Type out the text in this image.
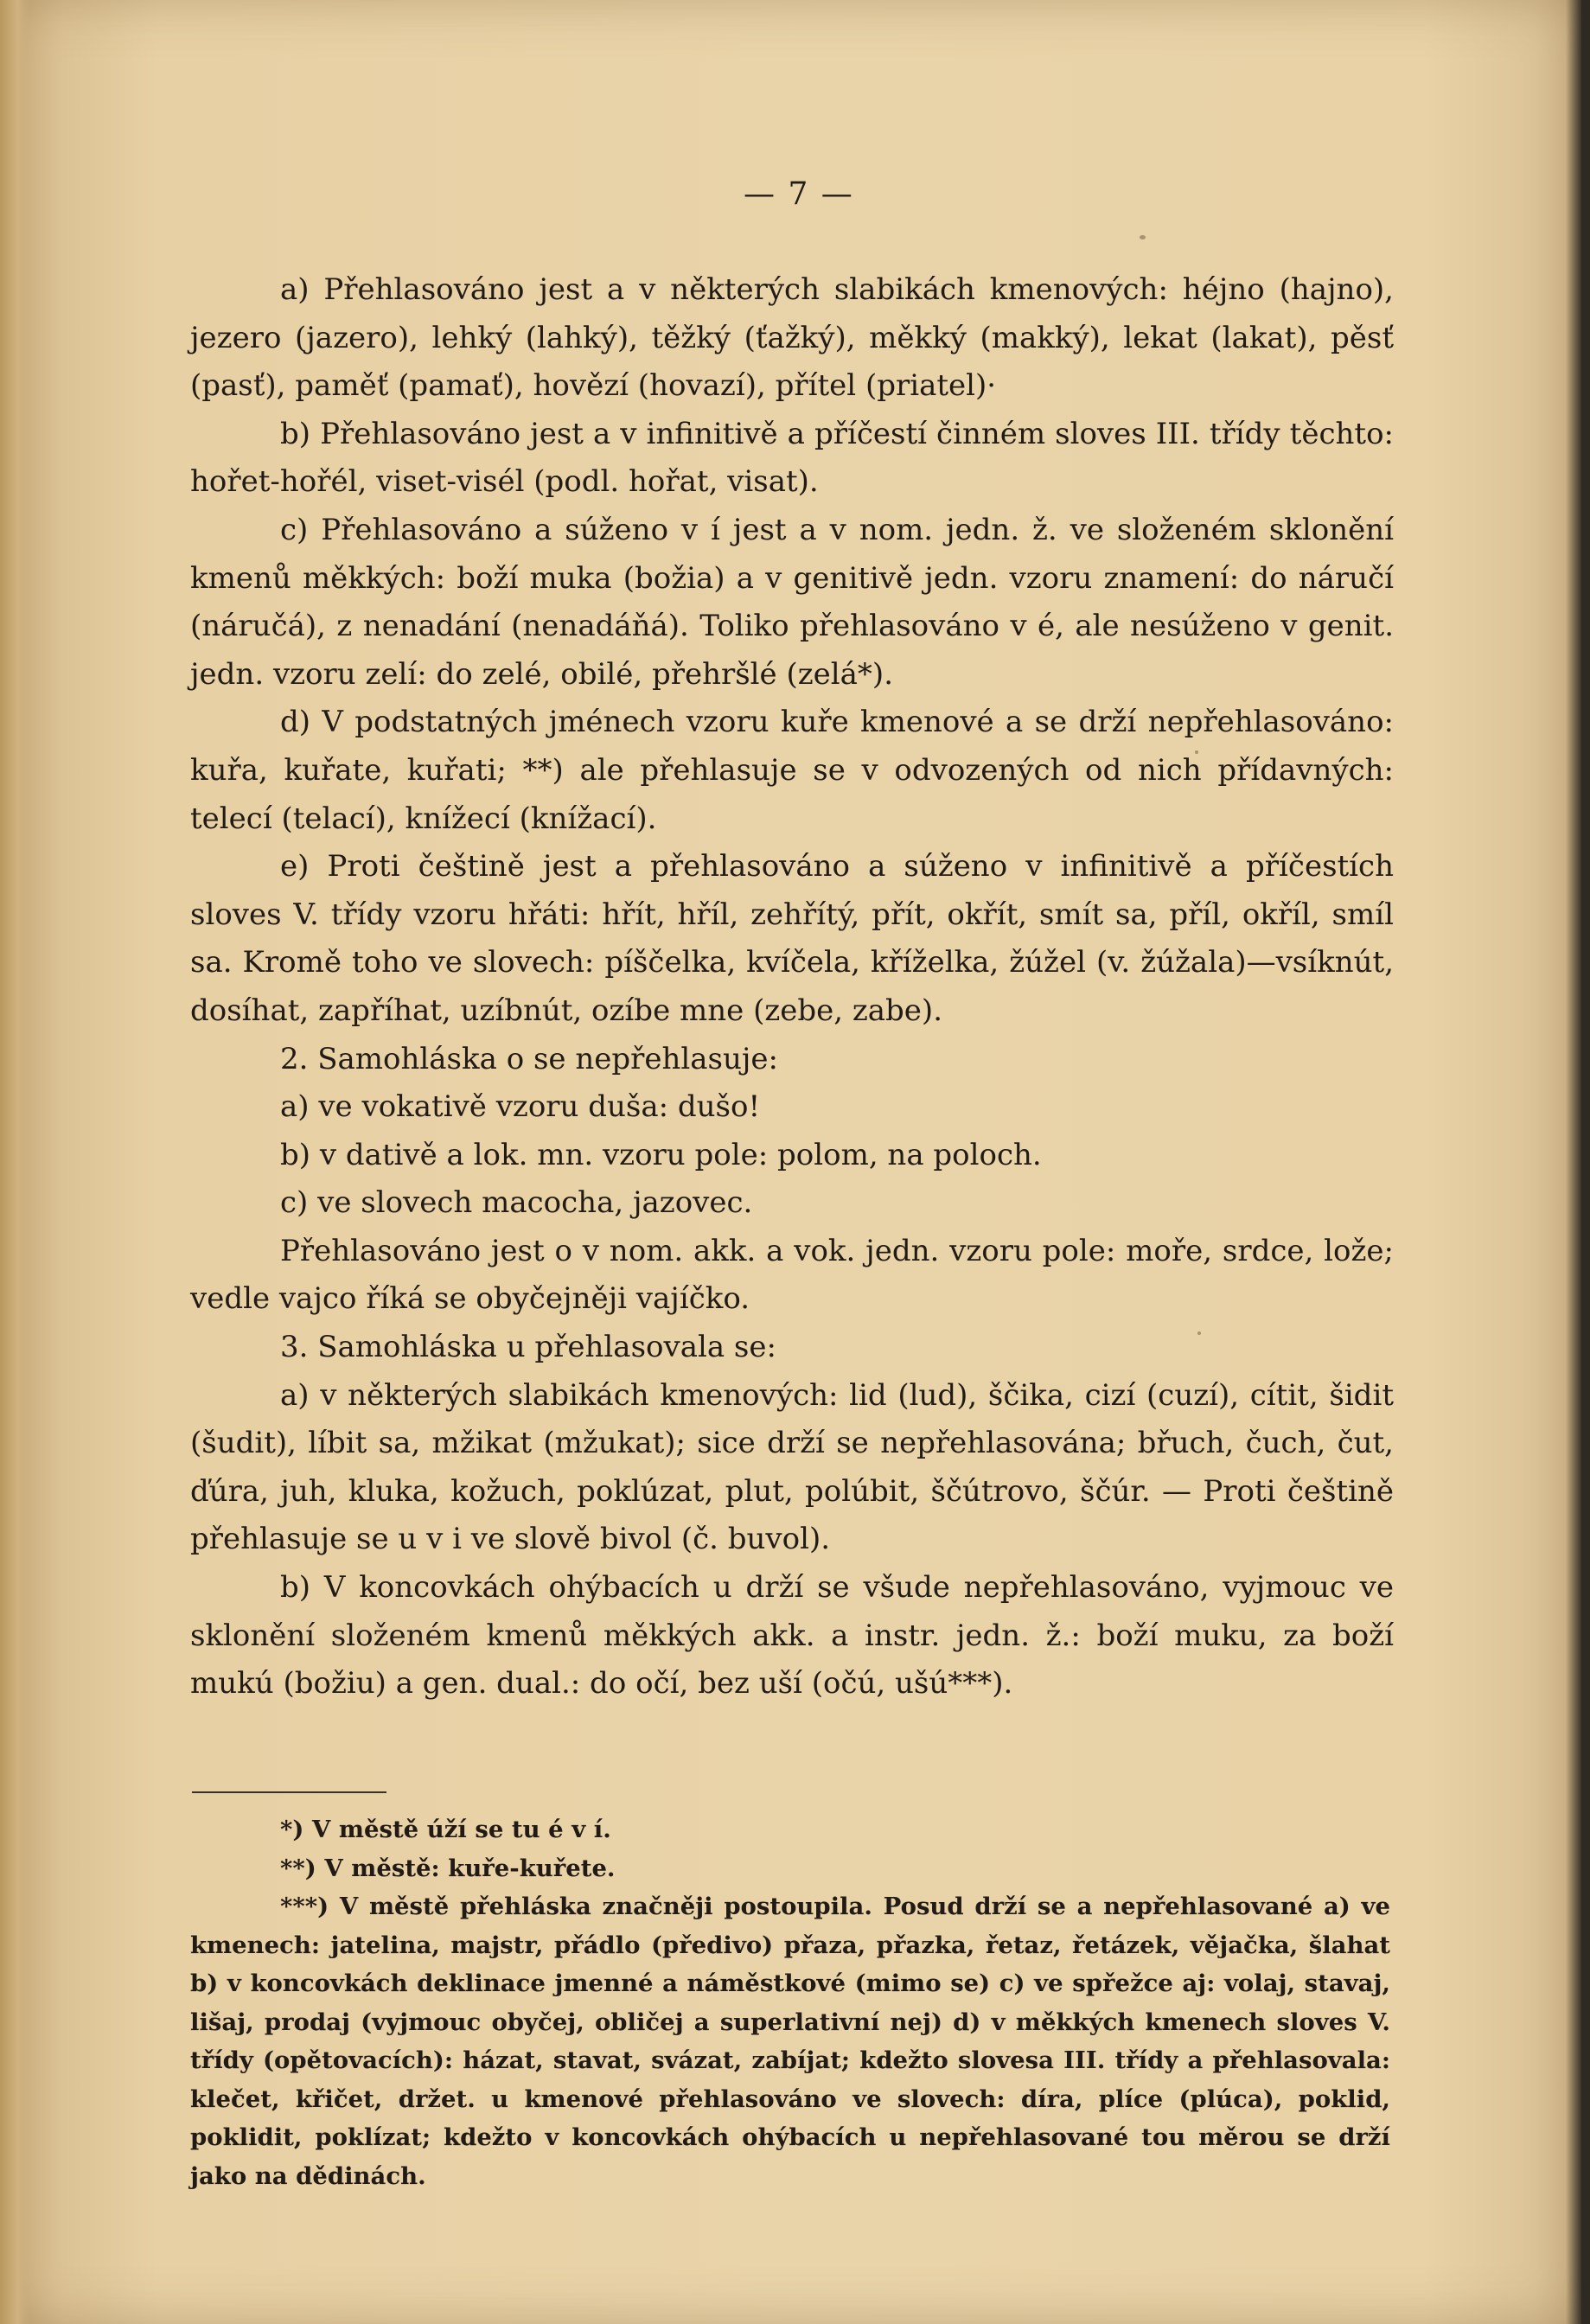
— 7 —

a) Přehlasováno jest a v některých slabikách kmenových: héjno (hajno), jezero (jazero), lehký (lahký), těžký (ťažký), měkký (makký), lekat (lakat), pěsť (pasť), paměť (pamať), hovězí (hovazí), přítel (priatel)·

b) Přehlasováno jest a v infinitivě a příčestí činném sloves III. třídy těchto: hořet-hořél, viset-visél (podl. hořat, visat).

c) Přehlasováno a súženo v í jest a v nom. jedn. ž. ve složeném sklonění kmenů měkkých: boží muka (božia) a v genitivě jedn. vzoru znamení: do náručí (náručá), z nenadání (nenadáňá). Toliko přehlasováno v é, ale nesúženo v genit. jedn. vzoru zelí: do zelé, obilé, přehršlé (zelá*).

d) V podstatných jménech vzoru kuře kmenové a se drží nepřehlasováno: kuřa, kuřate, kuřati; **) ale přehlasuje se v odvozených od nich přídavných: telecí (telací), knížecí (knížací).

e) Proti češtině jest a přehlasováno a súženo v infinitivě a příčestích sloves V. třídy vzoru hřáti: hřít, hříl, zehřítý, přít, okřít, smít sa, příl, okříl, smíl sa. Kromě toho ve slovech: píščelka, kvíčela, kříželka, žúžel (v. žúžala)—vsíknút, dosíhat, zapříhat, uzíbnút, ozíbe mne (zebe, zabe).

2. Samohláska o se nepřehlasuje:

a) ve vokativě vzoru duša: dušo!

b) v dativě a lok. mn. vzoru pole: polom, na poloch.

c) ve slovech macocha, jazovec.

Přehlasováno jest o v nom. akk. a vok. jedn. vzoru pole: moře, srdce, lože; vedle vajco říká se obyčejněji vajíčko.

3. Samohláska u přehlasovala se:

a) v některých slabikách kmenových: lid (lud), ščika, cizí (cuzí), cítit, šidit (šudit), líbit sa, mžikat (mžukat); sice drží se nepřehlasována; břuch, čuch, čut, ďúra, juh, kluka, kožuch, poklúzat, plut, polúbit, ščútrovo, ščúr. — Proti češtině přehlasuje se u v i ve slově bivol (č. buvol).

b) V koncovkách ohýbacích u drží se všude nepřehlasováno, vyjmouc ve sklonění složeném kmenů měkkých akk. a instr. jedn. ž.: boží muku, za boží mukú (božiu) a gen. dual.: do očí, bez uší (očú, ušú***).

*) V městě úží se tu é v í.

**) V městě: kuře-kuřete.

***) V městě přehláska značněji postoupila. Posud drží se a nepřehlasované a) ve kmenech: jatelina, majstr, přádlo (předivo) přaza, přazka, řetaz, řetázek, věјačka, šlahat b) v koncovkách deklinace jmenné a náměstkové (mimo se) c) ve spřežce aj: volaj, stavaj, lišaj, prodaj (vyjmouc obyčej, obličej a superlativní nej) d) v měkkých kmenech sloves V. třídy (opětovacích): házat, stavat, svázat, zabíjat; kdežto slovesa III. třídy a přehlasovala: klečet, křičet, držet. u kmenové přehlasováno ve slovech: díra, plíce (plúca), poklid, poklidit, poklízat; kdežto v koncovkách ohýbacích u nepřehlasované tou měrou se drží jako na dědinách.
